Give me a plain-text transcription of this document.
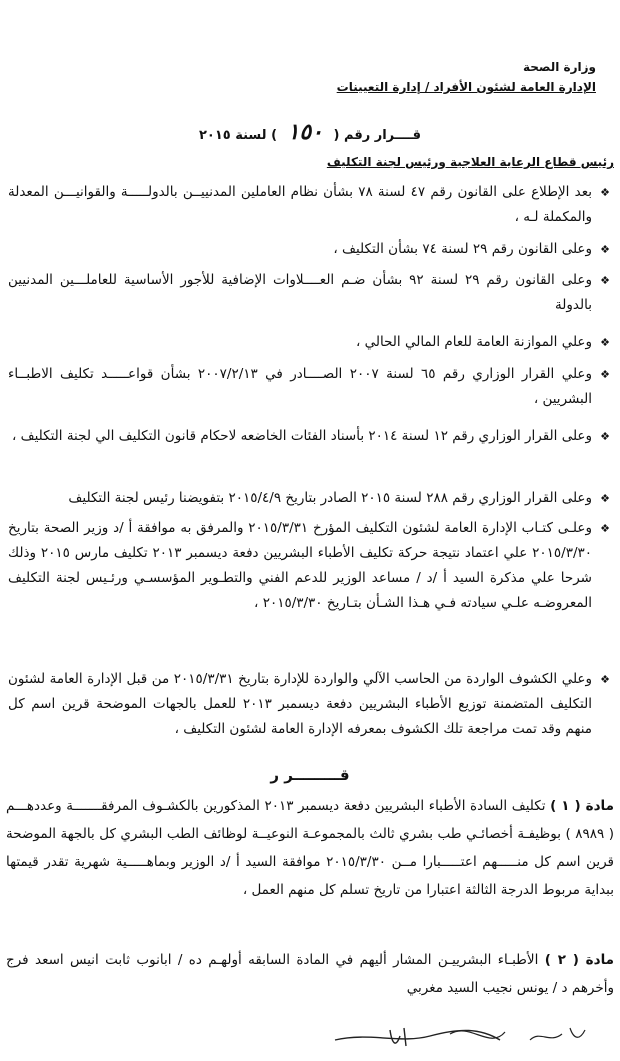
وزارة الصحة
الإدارة العامة لشئون الأفراد / إدارة التعيينات
قــــرار رقم ( ١٥٠ ) لسنة ٢٠١٥
رئيس قطاع الرعاية العلاجية ورئيس لجنة التكليف
❖
بعد الإطلاع على القانون رقم ٤٧ لسنة ٧٨ بشأن نظام العاملين المدنييــن بالدولـــــة والقوانيـــن المعدلة والمكملة لـه ،
❖
وعلى القانون رقم ٢٩ لسنة ٧٤ بشأن التكليف ،
❖
وعلى القانون رقم ٢٩ لسنة ٩٢ بشأن ضـم العــــلاوات الإضافية للأجور الأساسية للعاملـــين المدنيين بالدولة
❖
وعلي الموازنة العامة للعام المالي الحالي ،
❖
وعلي القرار الوزاري رقم ٦٥ لسنة ٢٠٠٧ الصــــادر في ٢٠٠٧/٢/١٣ بشأن قواعـــــد تكليف الاطبــاء البشريين ،
❖
وعلى القرار الوزاري رقم ١٢ لسنة ٢٠١٤ بأسناد الفئات الخاضعه لاحكام قانون التكليف الي لجنة التكليف ،
❖
وعلى القرار الوزاري رقم ٢٨٨ لسنة ٢٠١٥ الصادر بتاريخ ٢٠١٥/٤/٩ بتفويضنا رئيس لجنة التكليف
❖
وعلـى كتـاب الإدارة العامة لشئون التكليف المؤرخ ٢٠١٥/٣/٣١ والمرفق به موافقة أ /د وزير الصحة بتاريخ ٢٠١٥/٣/٣٠ علي اعتماد نتيجة حركة تكليف الأطباء البشريين دفعة ديسمبر ٢٠١٣ تكليف مارس ٢٠١٥ وذلك شرحا علي مذكرة السيد أ /د / مساعد الوزير للدعم الفني والتطـوير المؤسسـي ورئـيس لجنة التكليف المعروضـه علـي سيادته فـي هـذا الشـأن بتـاريخ ٢٠١٥/٣/٣٠ ،
❖
وعلي الكشوف الواردة من الحاسب الآلي والواردة للإدارة بتاريخ ٢٠١٥/٣/٣١ من قبل الإدارة العامة لشئون التكليف المتضمنة توزيع الأطباء البشريين دفعة ديسمبر ٢٠١٣ للعمل بالجهات الموضحة قرين اسم كل منهم وقد تمت مراجعة تلك الكشوف بمعرفه الإدارة العامة لشئون التكليف ،
قـــــــــر ر
مادة ( ١ ) تكليف السادة الأطباء البشريين دفعة ديسمبر ٢٠١٣ المذكورين بالكشـوف المرفقـــــــة وعددهـــم ( ٨٩٨٩ ) بوظيفـة أخصائـي طب بشري ثالث بالمجموعـة النوعيــة لوظائف الطب البشري كل بالجهة الموضحة قرين اسم كل منـــــهم اعتـــــبارا مــن ٢٠١٥/٣/٣٠ موافقة السيد أ /د الوزير وبماهـــــية شهرية تقدر قيمتها ببداية مربوط الدرجة الثالثة اعتبارا من تاريخ تسلم كل منهم العمل ،
مادة ( ٢ ) الأطبـاء البشرييـن المشار أليهم في المادة السابقه أولهـم ده / ابانوب ثابت انيس اسعد فرج وأخرهم د / يونس نجيب السيد مغربي
